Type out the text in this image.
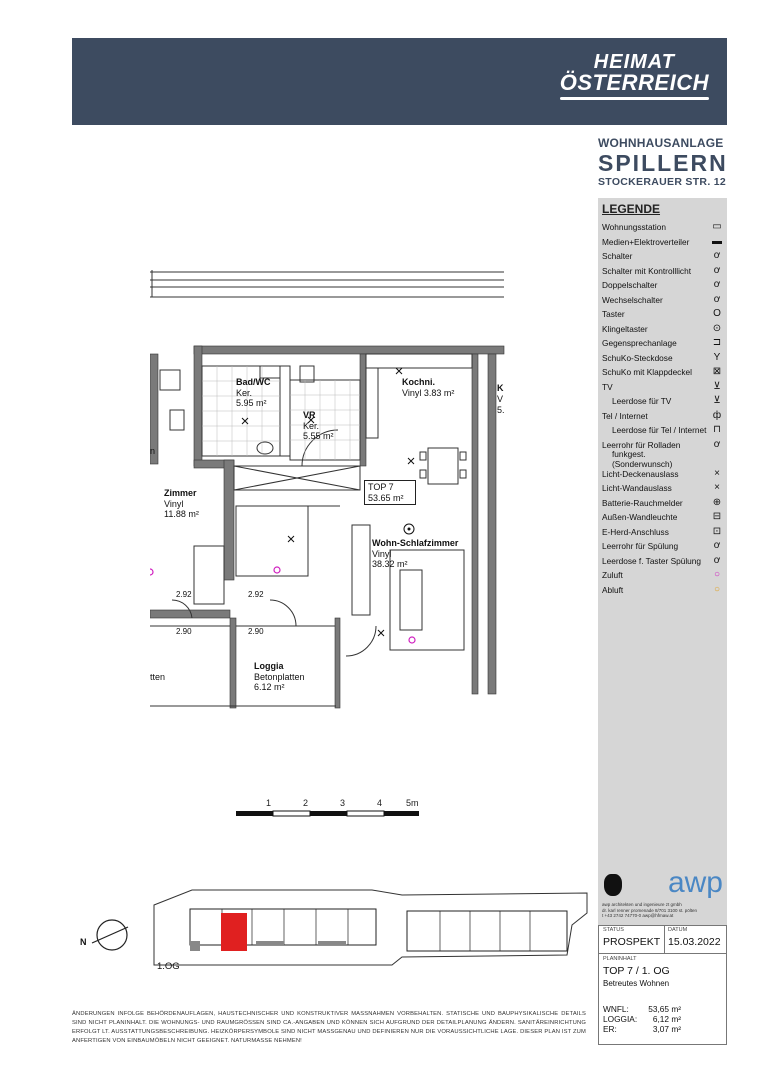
HEIMAT
ÖSTERREICH
WOHNHAUSANLAGE
SPILLERN
STOCKERAUER STR. 12
LEGENDE
Wohnungsstation	▭
Medien+Elektroverteiler	▬
Schalter	ơ
Schalter mit Kontrolllicht	ơ
Doppelschalter	ơ
Wechselschalter	ơ
Taster	O
Klingeltaster	⊙
Gegensprechanlage	⊐
SchuKo-Steckdose	Y
SchuKo mit Klappdeckel	⊠
TV	⊻
Leerdose für TV	⊻
Tel / Internet	ф
Leerdose für Tel / Internet ⊓
Leerrohr für Rolladen	ơ
funkgest. (Sonderwunsch)
Licht-Deckenauslass	×
Licht-Wandauslass	×
Batterie-Rauchmelder	⊕
Außen-Wandleuchte	⊟
E-Herd-Anschluss	⊡
Leerrohr für Spülung	ơ
Leerdose f. Taster Spülung	ơ
Zuluft	○
Abluft	○
Bad/WC
Ker.
5.95 m²
VR
Ker.
5.55 m²
Kochni.
Vinyl 3.83 m²
TOP 7
53.65 m²
Zimmer
Vinyl
11.88 m²
Wohn-Schlafzimmer
Vinyl
38.32 m²
Loggia
Betonplatten
6.12 m²
tten
n
K
V
5.
2.92	2.92
2.90	2.90
1	2	3	4	5m
N
1.OG
awp
awp architekten und ingenieure zt gmbh
dr. karl renner promenade 8/701 3100 st. pölten
t +43 2742 74770-0 awp@hfmaw.at
STATUS
PROSPEKT
DATUM
15.03.2022
PLANINHALT
TOP 7 / 1. OG
Betreutes Wohnen
WNFL:	53,65 m²
LOGGIA:	6,12 m²
ER:	3,07 m²
ÄNDERUNGEN INFOLGE BEHÖRDENAUFLAGEN, HAUSTECHNISCHER UND KONSTRUKTIVER MASSNAHMEN VORBEHALTEN. STATISCHE UND BAUPHYSIKALISCHE DETAILS SIND NICHT PLANINHALT. DIE WOHNUNGS- UND RAUMGRÖSSEN SIND CA.-ANGABEN UND KÖNNEN SICH AUFGRUND DER DETAILPLANUNG ÄNDERN. SANITÄREINRICHTUNG ERFOLGT LT. AUSSTATTUNGSBESCHREIBUNG. HEIZKÖRPERSYMBOLE SIND NICHT MASSGENAU UND DEFINIEREN NUR DIE VORAUSSICHTLICHE LAGE. DIESER PLAN IST ZUM ANFERTIGEN VON EINBAUMÖBELN NICHT GEEIGNET. NATURMASSE NEHMEN!
